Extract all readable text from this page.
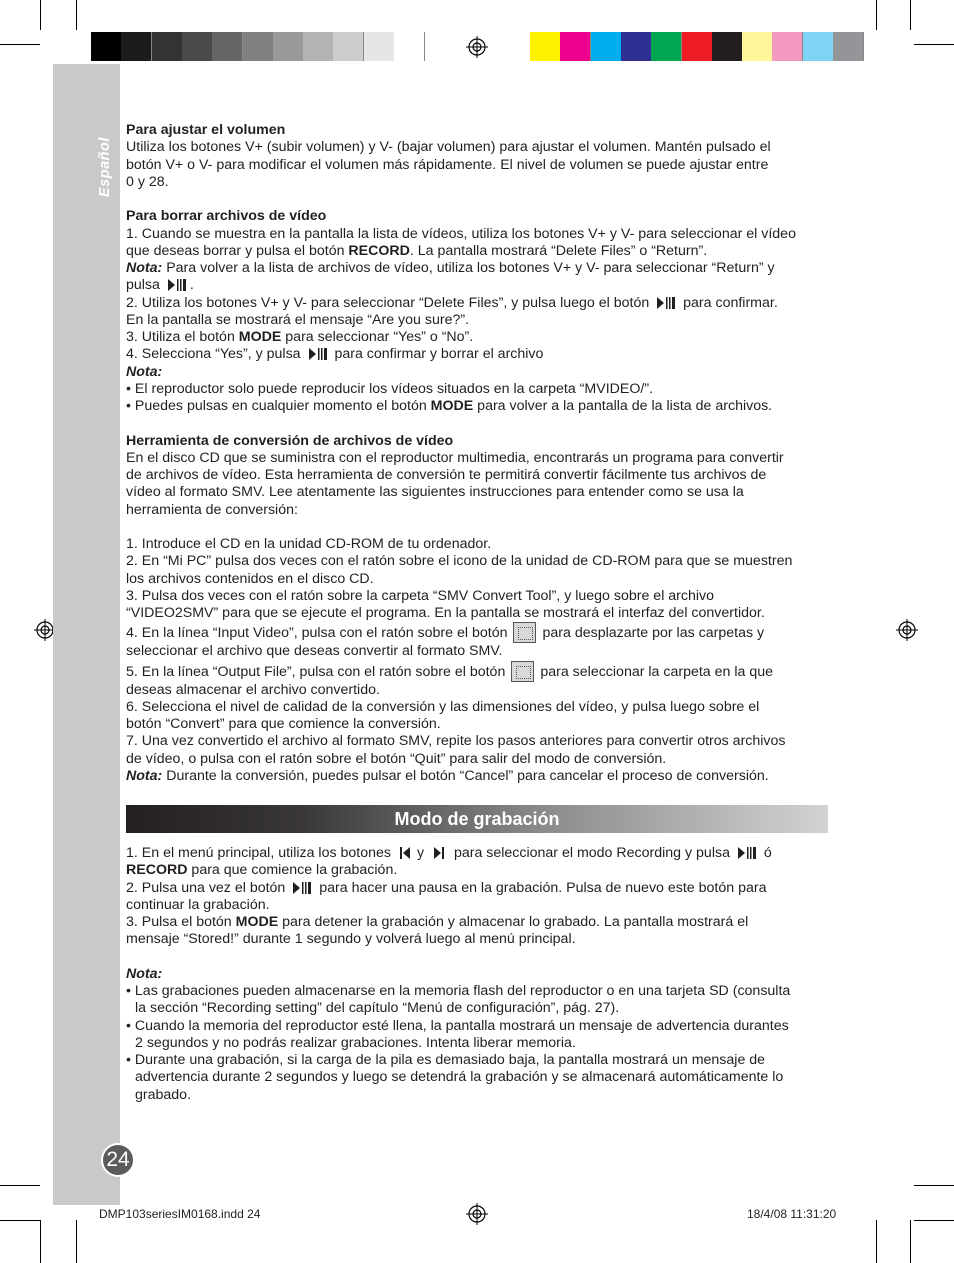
Español
24

Para ajustar el volumen

Utiliza los botones V+ (subir volumen) y V- (bajar volumen) para ajustar el volumen. Mantén pulsado el

botón V+ o V- para modificar el volumen más rápidamente. El nivel de volumen se puede ajustar entre

0 y 28.

Para borrar archivos de vídeo

1. Cuando se muestra en la pantalla la lista de vídeos, utiliza los botones V+ y V- para seleccionar el vídeo

que deseas borrar y pulsa el botón RECORD. La pantalla mostrará “Delete Files” o “Return”.

Nota: Para volver a la lista de archivos de vídeo, utiliza los botones V+ y V- para seleccionar “Return” y

pulsa .

2. Utiliza los botones V+ y V- para seleccionar “Delete Files”, y pulsa luego el botón para confirmar.

En la pantalla se mostrará el mensaje “Are you sure?”.

3. Utiliza el botón MODE para seleccionar “Yes” o “No”.

4. Selecciona “Yes”, y pulsa para confirmar y borrar el archivo

Nota:

• El reproductor solo puede reproducir los vídeos situados en la carpeta “MVIDEO/”.

• Puedes pulsas en cualquier momento el botón MODE para volver a la pantalla de la lista de archivos.

Herramienta de conversión de archivos de vídeo

En el disco CD que se suministra con el reproductor multimedia, encontrarás un programa para convertir

de archivos de vídeo. Esta herramienta de conversión te permitirá convertir fácilmente tus archivos de

vídeo al formato SMV. Lee atentamente las siguientes instrucciones para entender como se usa la

herramienta de conversión:

1. Introduce el CD en la unidad CD-ROM de tu ordenador.

2. En “Mi PC” pulsa dos veces con el ratón sobre el icono de la unidad de CD-ROM para que se muestren

los archivos contenidos en el disco CD.

3. Pulsa dos veces con el ratón sobre la carpeta “SMV Convert Tool”, y luego sobre el archivo

“VIDEO2SMV” para que se ejecute el programa. En la pantalla se mostrará el interfaz del convertidor.

4. En la línea “Input Video”, pulsa con el ratón sobre el botón para desplazarte por las carpetas y

seleccionar el archivo que deseas convertir al formato SMV.

5. En la línea “Output File”, pulsa con el ratón sobre el botón para seleccionar la carpeta en la que

deseas almacenar el archivo convertido.

6. Selecciona el nivel de calidad de la conversión y las dimensiones del vídeo, y pulsa luego sobre el

botón “Convert” para que comience la conversión.

7. Una vez convertido el archivo al formato SMV, repite los pasos anteriores para convertir otros archivos

de vídeo, o pulsa con el ratón sobre el botón “Quit” para salir del modo de conversión.

Nota: Durante la conversión, puedes pulsar el botón “Cancel” para cancelar el proceso de conversión.

Modo de grabación

1. En el menú principal, utiliza los botones y para seleccionar el modo Recording y pulsa ó

RECORD para que comience la grabación.

2. Pulsa una vez el botón para hacer una pausa en la grabación. Pulsa de nuevo este botón para

continuar la grabación.

3. Pulsa el botón MODE para detener la grabación y almacenar lo grabado. La pantalla mostrará el

mensaje “Stored!” durante 1 segundo y volverá luego al menú principal.

Nota:

• Las grabaciones pueden almacenarse en la memoria flash del reproductor o en una tarjeta SD (consulta

la sección “Recording setting” del capítulo “Menú de configuración”, pág. 27).

• Cuando la memoria del reproductor esté llena, la pantalla mostrará un mensaje de advertencia durantes

2 segundos y no podrás realizar grabaciones. Intenta liberar memoria.

• Durante una grabación, si la carga de la pila es demasiado baja, la pantalla mostrará un mensaje de

advertencia durante 2 segundos y luego se detendrá la grabación y se almacenará automáticamente lo

grabado.

DMP103seriesIM0168.indd 24	18/4/08 11:31:20
